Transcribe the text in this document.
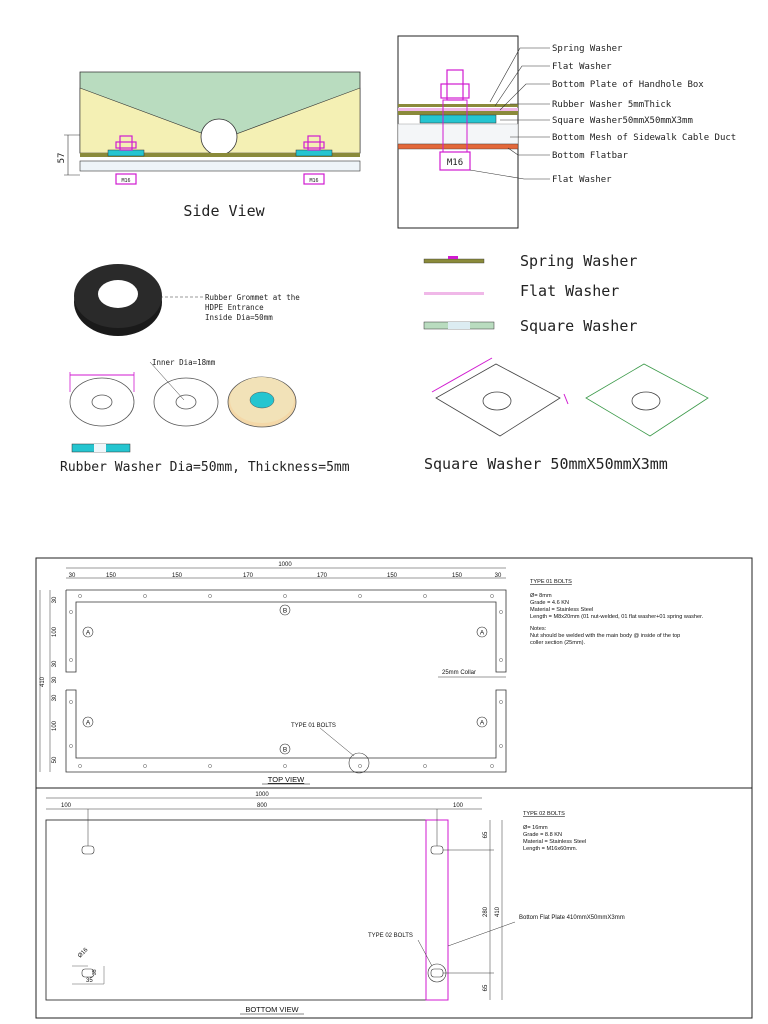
M16	M16
57
Side View
M16
Spring Washer
Flat Washer
Bottom Plate of Handhole Box
Rubber Washer 5mmThick
Square Washer50mmX50mmX3mm
Bottom Mesh of Sidewalk Cable Duct
Bottom Flatbar
Flat Washer
Spring Washer
Flat Washer
Square Washer
Rubber Grommet at the
HDPE Entrance
Inside Dia=50mm
Inner Dia=18mm
Rubber Washer Dia=50mm, Thickness=5mm	Square Washer 50mmX50mmX3mm
1000
30	150	150	170	170	150	150	30
30
100
30
30
30
100
50
410
A	A
A	A
B
B
25mm Collar
TYPE 01 BOLTS
TOP VIEW
TYPE 01 BOLTS
Ø= 8mm
Grade = 4.6 KN
Material = Stainless Steel
Length = M8x20mm (01 nut-welded, 01 flat washer+01 spring washer.
Notes:
Nut should be welded with the main body @ inside of the top
coller section (25mm).
1000
100	800	100
65
280
65
410
Ø16
35
35
TYPE 02 BOLTS
Bottom Flat Plate 410mmX50mmX3mm
BOTTOM VIEW
TYPE 02 BOLTS
Ø= 16mm
Grade = 8.8 KN
Material = Stainless Steel
Length = M16x60mm.
